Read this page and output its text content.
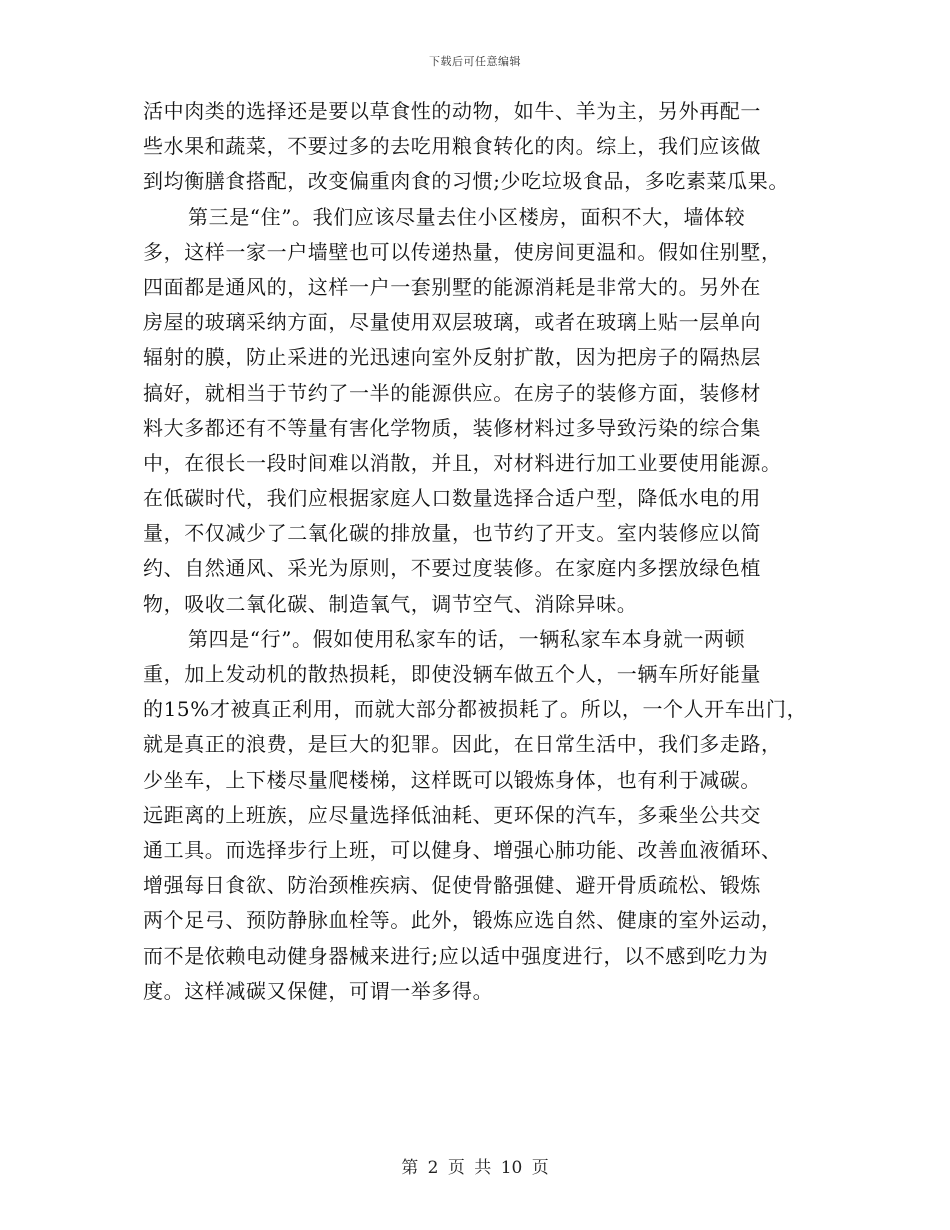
下载后可任意编辑
活中肉类的选择还是要以草食性的动物，如牛、羊为主，另外再配一
些水果和蔬菜，不要过多的去吃用粮食转化的肉。综上，我们应该做
到均衡膳食搭配，改变偏重肉食的习惯;少吃垃圾食品，多吃素菜瓜果。
第三是“住”。我们应该尽量去住小区楼房，面积不大，墙体较
多，这样一家一户墙壁也可以传递热量，使房间更温和。假如住别墅，
四面都是通风的，这样一户一套别墅的能源消耗是非常大的。另外在
房屋的玻璃采纳方面，尽量使用双层玻璃，或者在玻璃上贴一层单向
辐射的膜，防止采进的光迅速向室外反射扩散，因为把房子的隔热层
搞好，就相当于节约了一半的能源供应。在房子的装修方面，装修材
料大多都还有不等量有害化学物质，装修材料过多导致污染的综合集
中，在很长一段时间难以消散，并且，对材料进行加工业要使用能源。
在低碳时代，我们应根据家庭人口数量选择合适户型，降低水电的用
量，不仅减少了二氧化碳的排放量，也节约了开支。室内装修应以简
约、自然通风、采光为原则，不要过度装修。在家庭内多摆放绿色植
物，吸收二氧化碳、制造氧气，调节空气、消除异味。
第四是“行”。假如使用私家车的话，一辆私家车本身就一两顿
重，加上发动机的散热损耗，即使没辆车做五个人，一辆车所好能量
的15%才被真正利用，而就大部分都被损耗了。所以，一个人开车出门，
就是真正的浪费，是巨大的犯罪。因此，在日常生活中，我们多走路，
少坐车，上下楼尽量爬楼梯，这样既可以锻炼身体，也有利于减碳。
远距离的上班族，应尽量选择低油耗、更环保的汽车，多乘坐公共交
通工具。而选择步行上班，可以健身、增强心肺功能、改善血液循环、
增强每日食欲、防治颈椎疾病、促使骨骼强健、避开骨质疏松、锻炼
两个足弓、预防静脉血栓等。此外，锻炼应选自然、健康的室外运动，
而不是依赖电动健身器械来进行;应以适中强度进行，以不感到吃力为
度。这样减碳又保健，可谓一举多得。
第 2 页 共 10 页
